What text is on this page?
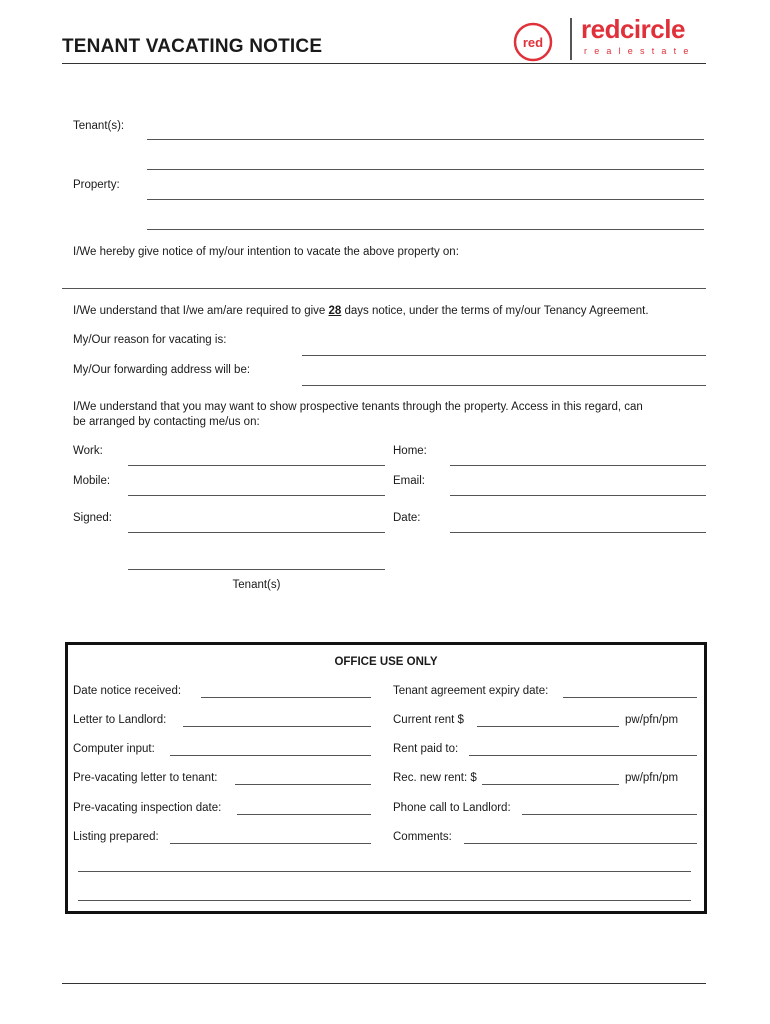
TENANT VACATING NOTICE	red redcircle
realestate
Tenant(s):
Property:
I/We hereby give notice of my/our intention to vacate the above property on:
I/We understand that I/we am/are required to give 28 days notice, under the terms of my/our Tenancy Agreement.
My/Our reason for vacating is:
My/Our forwarding address will be:
I/We understand that you may want to show prospective tenants through the property. Access in this regard, can
be arranged by contacting me/us on:
Work:	Home:
Mobile:	Email:
Signed:	Date:
Tenant(s)
OFFICE USE ONLY
Date notice received:	Tenant agreement expiry date:
Letter to Landlord:	Current rent $	pw/pfn/pm
Computer input:	Rent paid to:
Pre-vacating letter to tenant:	Rec. new rent: $	pw/pfn/pm
Pre-vacating inspection date:	Phone call to Landlord:
Listing prepared:	Comments:
